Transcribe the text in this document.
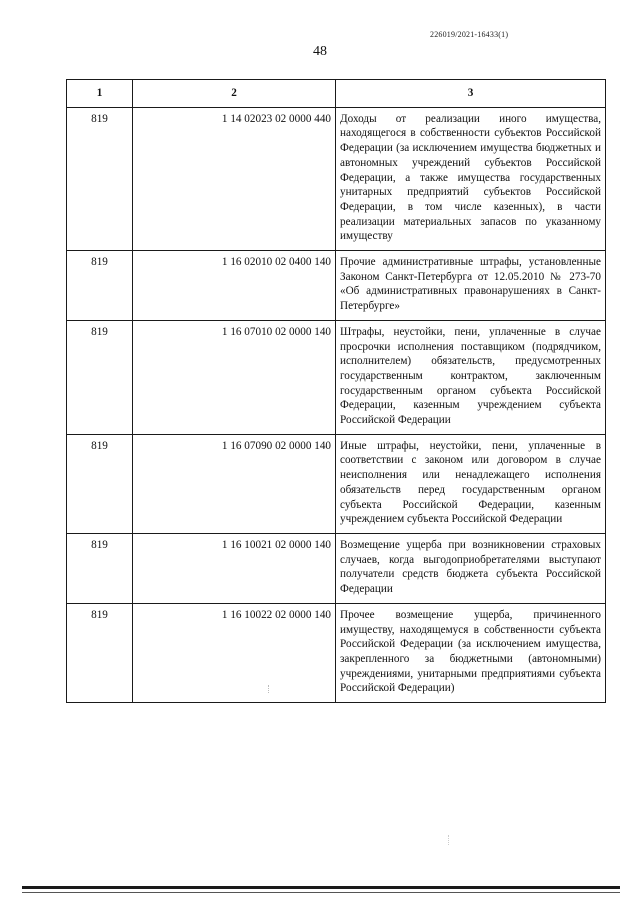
226019/2021-16433(1)
48
1	2	3
819	1 14 02023 02 0000 440	Доходы от реализации иного имущества, находящегося в собственности субъектов Российской Федерации (за исключением имущества бюджетных и автономных учреждений субъектов Российской Федерации, а также имущества государственных унитарных предприятий субъектов Российской Федерации, в том числе казенных), в части реализации материальных запасов по указанному имуществу
819	1 16 02010 02 0400 140	Прочие административные штрафы, установленные Законом Санкт-Петербурга от 12.05.2010 № 273-70 «Об административных правонарушениях в Санкт-Петербурге»
819	1 16 07010 02 0000 140	Штрафы, неустойки, пени, уплаченные в случае просрочки исполнения поставщиком (подрядчиком, исполнителем) обязательств, предусмотренных государственным контрактом, заключенным государственным органом субъекта Российской Федерации, казенным учреждением субъекта Российской Федерации
819	1 16 07090 02 0000 140	Иные штрафы, неустойки, пени, уплаченные в соответствии с законом или договором в случае неисполнения или ненадлежащего исполнения обязательств перед государственным органом субъекта Российской Федерации, казенным учреждением субъекта Российской Федерации
819	1 16 10021 02 0000 140	Возмещение ущерба при возникновении страховых случаев, когда выгодоприобретателями выступают получатели средств бюджета субъекта Российской Федерации
819	1 16 10022 02 0000 140	Прочее возмещение ущерба, причиненного имуществу, находящемуся в собственности субъекта Российской Федерации (за исключением имущества, закрепленного за бюджетными (автономными) учреждениями, унитарными предприятиями субъекта Российской Федерации)
